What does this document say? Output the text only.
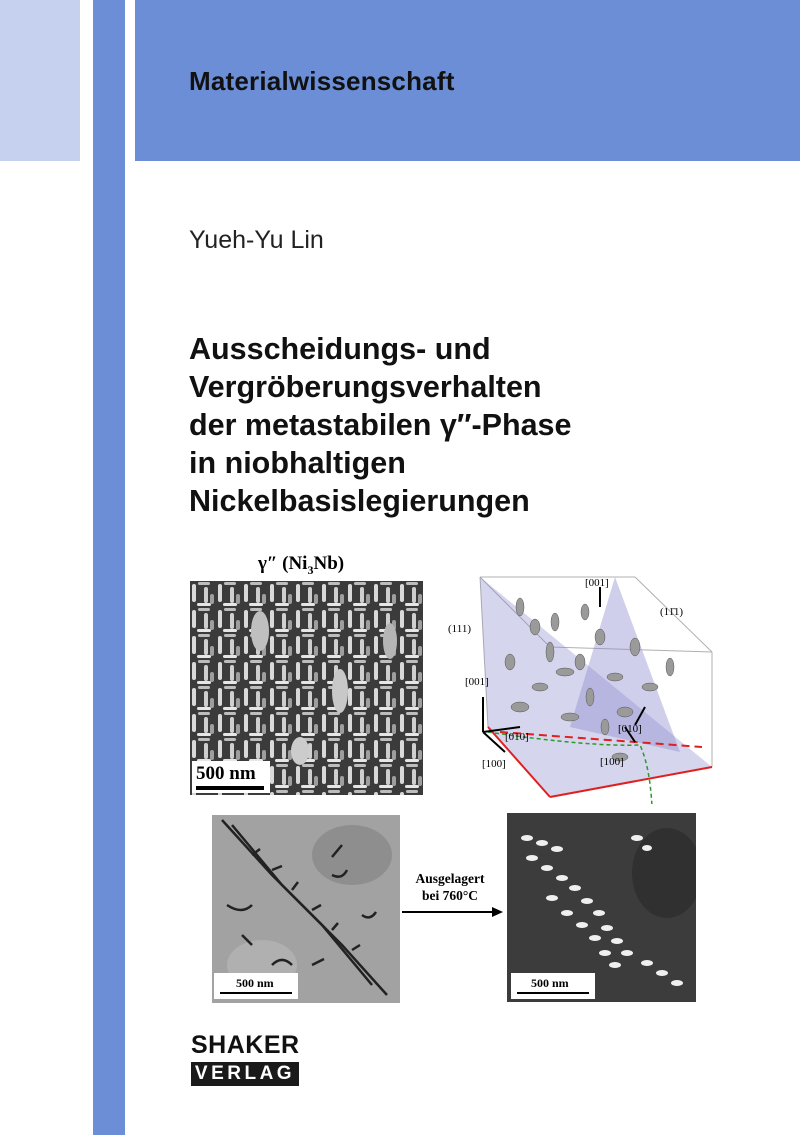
Materialwissenschaft
Yueh-Yu Lin
Ausscheidungs- und
Vergröberungsverhalten
der metastabilen γ″-Phase
in niobhaltigen
Nickelbasislegierungen
γ″ $(Ni_3Nb)$
500 nm
[001]
(11̄1)
(111)
[001]
[010]
[010]
[100]	[100]
500 nm
Ausgelagert
bei 760°C
500 nm
SHAKER
VERLAG
